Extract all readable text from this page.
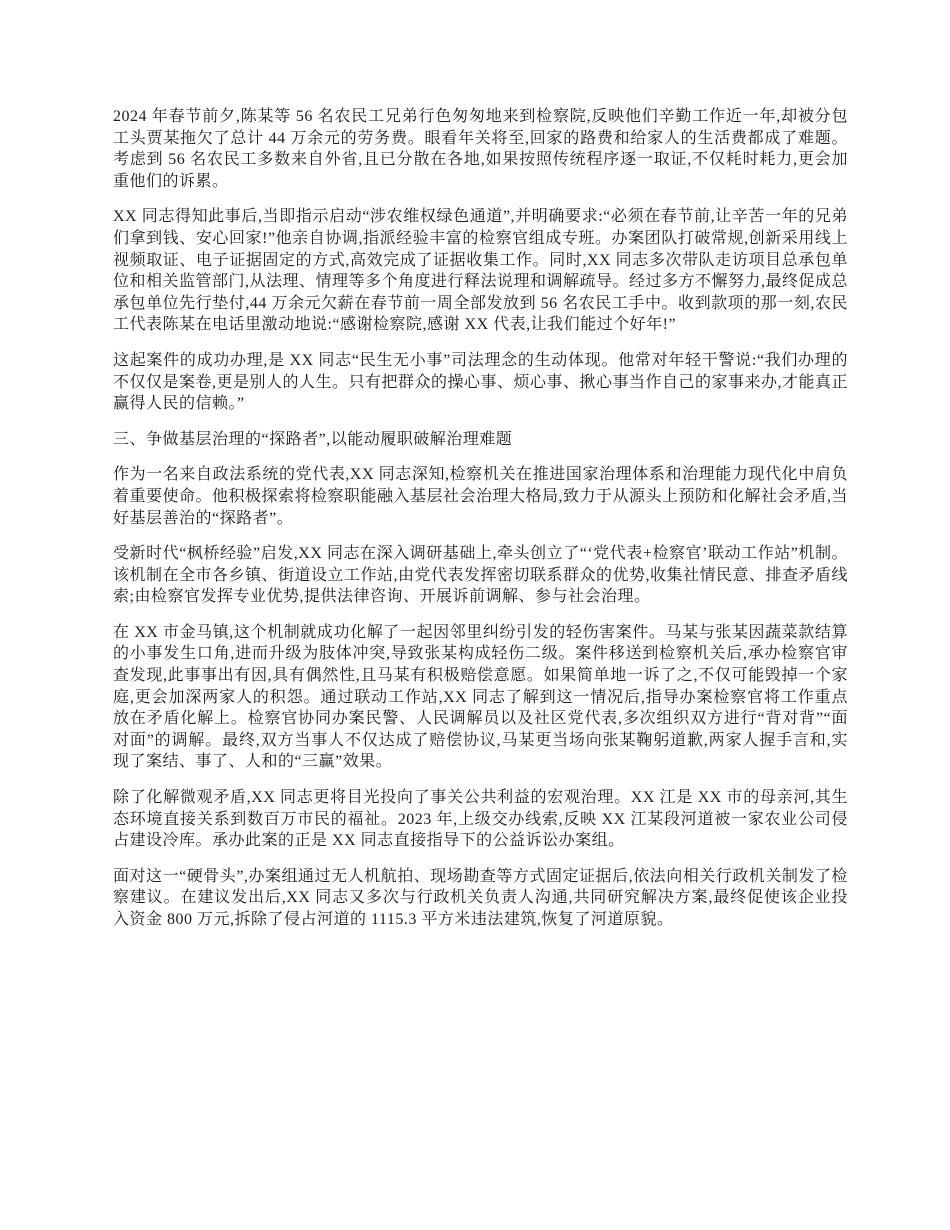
2024 年春节前夕,陈某等 56 名农民工兄弟行色匆匆地来到检察院,反映他们辛勤工作近一年,却被分包工头贾某拖欠了总计 44 万余元的劳务费。眼看年关将至,回家的路费和给家人的生活费都成了难题。考虑到 56 名农民工多数来自外省,且已分散在各地,如果按照传统程序逐一取证,不仅耗时耗力,更会加重他们的诉累。

XX 同志得知此事后,当即指示启动“涉农维权绿色通道”,并明确要求:“必须在春节前,让辛苦一年的兄弟们拿到钱、安心回家!”他亲自协调,指派经验丰富的检察官组成专班。办案团队打破常规,创新采用线上视频取证、电子证据固定的方式,高效完成了证据收集工作。同时,XX 同志多次带队走访项目总承包单位和相关监管部门,从法理、情理等多个角度进行释法说理和调解疏导。经过多方不懈努力,最终促成总承包单位先行垫付,44 万余元欠薪在春节前一周全部发放到 56 名农民工手中。收到款项的那一刻,农民工代表陈某在电话里激动地说:“感谢检察院,感谢 XX 代表,让我们能过个好年!”

这起案件的成功办理,是 XX 同志“民生无小事”司法理念的生动体现。他常对年轻干警说:“我们办理的不仅仅是案卷,更是别人的人生。只有把群众的操心事、烦心事、揪心事当作自己的家事来办,才能真正赢得人民的信赖。”

三、争做基层治理的“探路者”,以能动履职破解治理难题

作为一名来自政法系统的党代表,XX 同志深知,检察机关在推进国家治理体系和治理能力现代化中肩负着重要使命。他积极探索将检察职能融入基层社会治理大格局,致力于从源头上预防和化解社会矛盾,当好基层善治的“探路者”。

受新时代“枫桥经验”启发,XX 同志在深入调研基础上,牵头创立了“‘党代表+检察官’联动工作站”机制。该机制在全市各乡镇、街道设立工作站,由党代表发挥密切联系群众的优势,收集社情民意、排查矛盾线索;由检察官发挥专业优势,提供法律咨询、开展诉前调解、参与社会治理。

在 XX 市金马镇,这个机制就成功化解了一起因邻里纠纷引发的轻伤害案件。马某与张某因蔬菜款结算的小事发生口角,进而升级为肢体冲突,导致张某构成轻伤二级。案件移送到检察机关后,承办检察官审查发现,此事事出有因,具有偶然性,且马某有积极赔偿意愿。如果简单地一诉了之,不仅可能毁掉一个家庭,更会加深两家人的积怨。通过联动工作站,XX 同志了解到这一情况后,指导办案检察官将工作重点放在矛盾化解上。检察官协同办案民警、人民调解员以及社区党代表,多次组织双方进行“背对背”“面对面”的调解。最终,双方当事人不仅达成了赔偿协议,马某更当场向张某鞠躬道歉,两家人握手言和,实现了案结、事了、人和的“三赢”效果。

除了化解微观矛盾,XX 同志更将目光投向了事关公共利益的宏观治理。XX 江是 XX 市的母亲河,其生态环境直接关系到数百万市民的福祉。2023 年,上级交办线索,反映 XX 江某段河道被一家农业公司侵占建设冷库。承办此案的正是 XX 同志直接指导下的公益诉讼办案组。

面对这一“硬骨头”,办案组通过无人机航拍、现场勘查等方式固定证据后,依法向相关行政机关制发了检察建议。在建议发出后,XX 同志又多次与行政机关负责人沟通,共同研究解决方案,最终促使该企业投入资金 800 万元,拆除了侵占河道的 1115.3 平方米违法建筑,恢复了河道原貌。
